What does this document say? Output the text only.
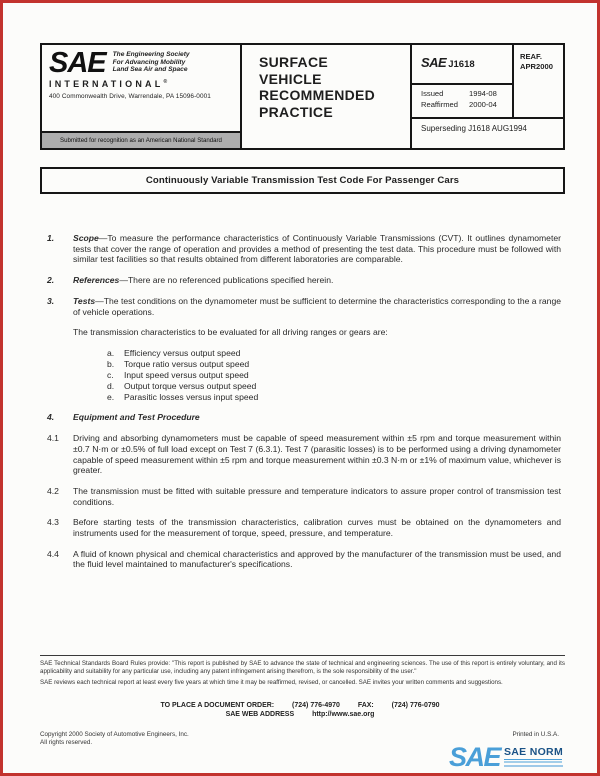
SAE The Engineering Society
For Advancing Mobility
Land Sea Air and Space
INTERNATIONAL®
400 Commonwealth Drive, Warrendale, PA 15096-0001
Submitted for recognition as an American National Standard
SURFACE
VEHICLE
RECOMMENDED
PRACTICE
SAE J1618
REAF.
APR2000
Issued	1994-08
Reaffirmed	2000-04
Superseding J1618 AUG1994
Continuously Variable Transmission Test Code For Passenger Cars
1.	Scope—To measure the performance characteristics of Continuously Variable Transmissions (CVT). It outlines dynamometer tests that cover the range of operation and provides a method of presenting the test data. This procedure must be followed with similar test facilities so that results obtained from different laboratories are comparable.
2.	References—There are no referenced publications specified herein.
3.	Tests—The test conditions on the dynamometer must be sufficient to determine the characteristics corresponding to the a range of vehicle operations.
The transmission characteristics to be evaluated for all driving ranges or gears are:
a.	Efficiency versus output speed
b.	Torque ratio versus output speed
c.	Input speed versus output speed
d.	Output torque versus output speed
e.	Parasitic losses versus input speed
4.	Equipment and Test Procedure
4.1	Driving and absorbing dynamometers must be capable of speed measurement within ±5 rpm and torque measurement within ±0.7 N·m or ±0.5% of full load except on Test 7 (6.3.1). Test 7 (parasitic losses) is to be performed using a driving dynamometer capable of speed measurement within ±5 rpm and torque measurement within ±0.3 N·m or ±1% of maximum value, whichever is greater.
4.2	The transmission must be fitted with suitable pressure and temperature indicators to assure proper control of transmission test conditions.
4.3	Before starting tests of the transmission characteristics, calibration curves must be obtained on the dynamometers and instruments used for the measurement of torque, speed, pressure, and temperature.
4.4	A fluid of known physical and chemical characteristics and approved by the manufacturer of the transmission must be used, and the fluid level maintained to manufacturer's specifications.

SAE Technical Standards Board Rules provide: "This report is published by SAE to advance the state of technical and engineering sciences. The use of this report is entirely voluntary, and its applicability and suitability for any particular use, including any patent infringement arising therefrom, is the sole responsibility of the user."

SAE reviews each technical report at least every five years at which time it may be reaffirmed, revised, or cancelled. SAE invites your written comments and suggestions.

TO PLACE A DOCUMENT ORDER:	(724) 776-4970	FAX:	(724) 776-0790
SAE WEB ADDRESS	http://www.sae.org
Copyright 2000 Society of Automotive Engineers, Inc.
All rights reserved.
Printed in U.S.A.
SAE SAE NORM
